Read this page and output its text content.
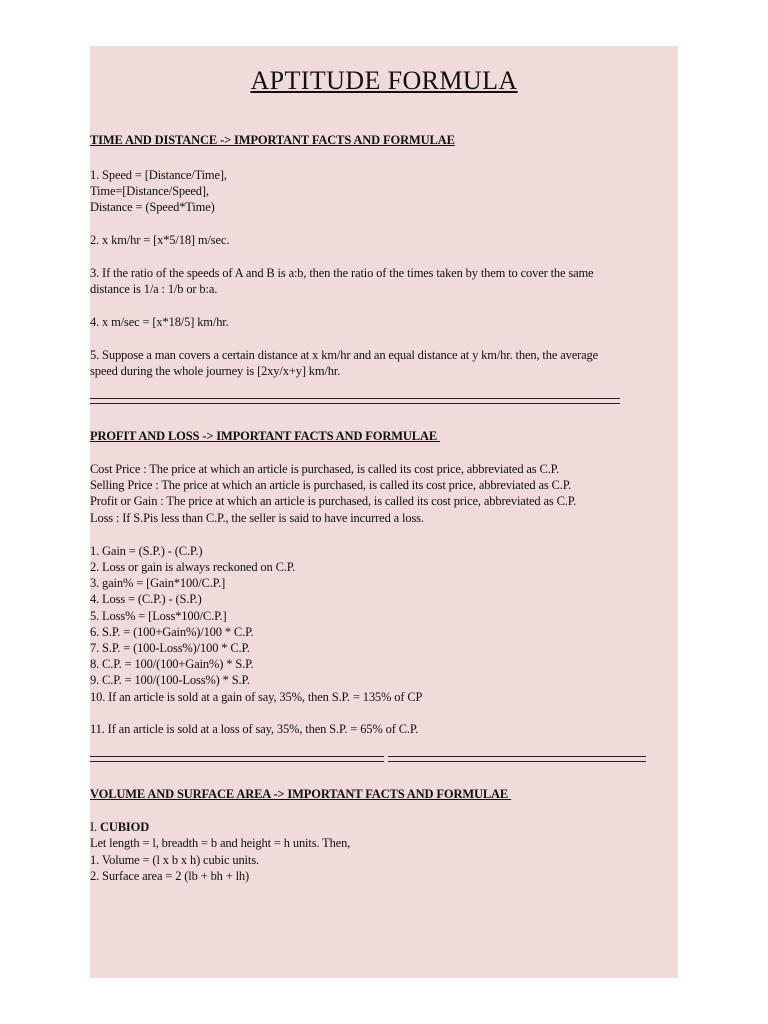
APTITUDE FORMULA
TIME AND DISTANCE -> IMPORTANT FACTS AND FORMULAE
1. Speed = [Distance/Time],
Time=[Distance/Speed],
Distance = (Speed*Time)
2. x km/hr = [x*5/18] m/sec.
3. If the ratio of the speeds of A and B is a:b, then the ratio of the times taken by them to cover the same
distance is 1/a : 1/b or b:a.
4. x m/sec = [x*18/5] km/hr.
5. Suppose a man covers a certain distance at x km/hr and an equal distance at y km/hr. then, the average
speed during the whole journey is [2xy/x+y] km/hr.
PROFIT AND LOSS -> IMPORTANT FACTS AND FORMULAE
Cost Price : The price at which an article is purchased, is called its cost price, abbreviated as C.P.
Selling Price : The price at which an article is purchased, is called its cost price, abbreviated as C.P.
Profit or Gain : The price at which an article is purchased, is called its cost price, abbreviated as C.P.
Loss : If S.Pis less than C.P., the seller is said to have incurred a loss.
1. Gain = (S.P.) - (C.P.)
2. Loss or gain is always reckoned on C.P.
3. gain% = [Gain*100/C.P.]
4. Loss = (C.P.) - (S.P.)
5. Loss% = [Loss*100/C.P.]
6. S.P. = (100+Gain%)/100 * C.P.
7. S.P. = (100-Loss%)/100 * C.P.
8. C.P. = 100/(100+Gain%) * S.P.
9. C.P. = 100/(100-Loss%) * S.P.
10. If an article is sold at a gain of say, 35%, then S.P. = 135% of CP
11. If an article is sold at a loss of say, 35%, then S.P. = 65% of C.P.
VOLUME AND SURFACE AREA -> IMPORTANT FACTS AND FORMULAE
I. CUBIOD
Let length = l, breadth = b and height = h units. Then,
1. Volume = (l x b x h) cubic units.
2. Surface area = 2 (lb + bh + lh)
